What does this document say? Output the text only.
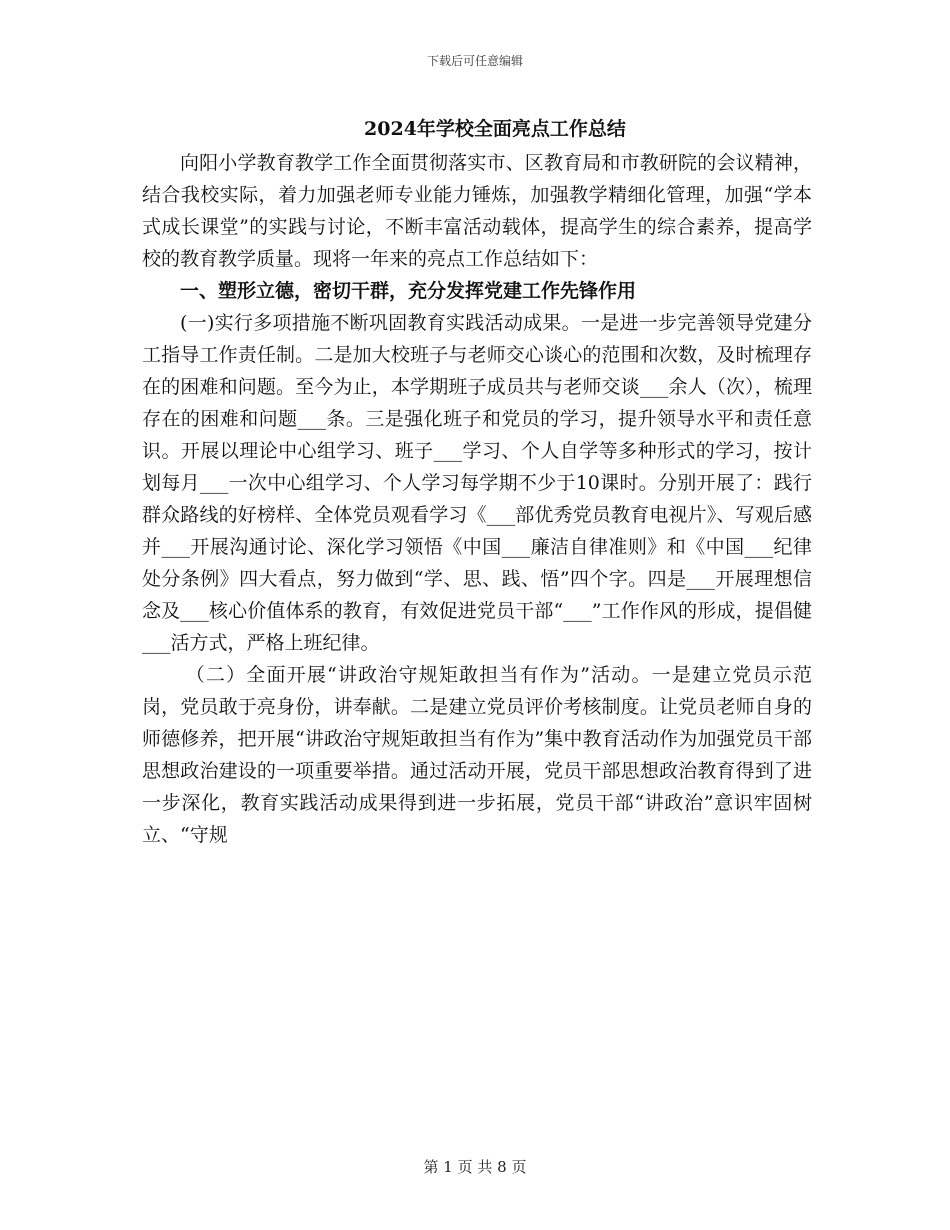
下载后可任意编辑
2024年学校全面亮点工作总结

向阳小学教育教学工作全面贯彻落实市、区教育局和市教研院的会议精神，结合我校实际，着力加强老师专业能力锤炼，加强教学精细化管理，加强“学本式成长课堂”的实践与讨论，不断丰富活动载体，提高学生的综合素养，提高学校的教育教学质量。现将一年来的亮点工作总结如下：

一、塑形立德，密切干群，充分发挥党建工作先锋作用

(一)实行多项措施不断巩固教育实践活动成果。一是进一步完善领导党建分工指导工作责任制。二是加大校班子与老师交心谈心的范围和次数，及时梳理存在的困难和问题。至今为止，本学期班子成员共与老师交谈___余人（次），梳理存在的困难和问题___条。三是强化班子和党员的学习，提升领导水平和责任意识。开展以理论中心组学习、班子___学习、个人自学等多种形式的学习，按计划每月___一次中心组学习、个人学习每学期不少于10课时。分别开展了：践行群众路线的好榜样、全体党员观看学习《___部优秀党员教育电视片》、写观后感并___开展沟通讨论、深化学习领悟《中国___廉洁自律准则》和《中国___纪律处分条例》四大看点，努力做到“学、思、践、悟”四个字。四是___开展理想信念及___核心价值体系的教育，有效促进党员干部“___”工作作风的形成，提倡健___活方式，严格上班纪律。

（二）全面开展“讲政治守规矩敢担当有作为”活动。一是建立党员示范岗，党员敢于亮身份，讲奉献。二是建立党员评价考核制度。让党员老师自身的师德修养，把开展“讲政治守规矩敢担当有作为”集中教育活动作为加强党员干部思想政治建设的一项重要举措。通过活动开展，党员干部思想政治教育得到了进一步深化，教育实践活动成果得到进一步拓展，党员干部“讲政治”意识牢固树立、“守规

第 1 页 共 8 页
